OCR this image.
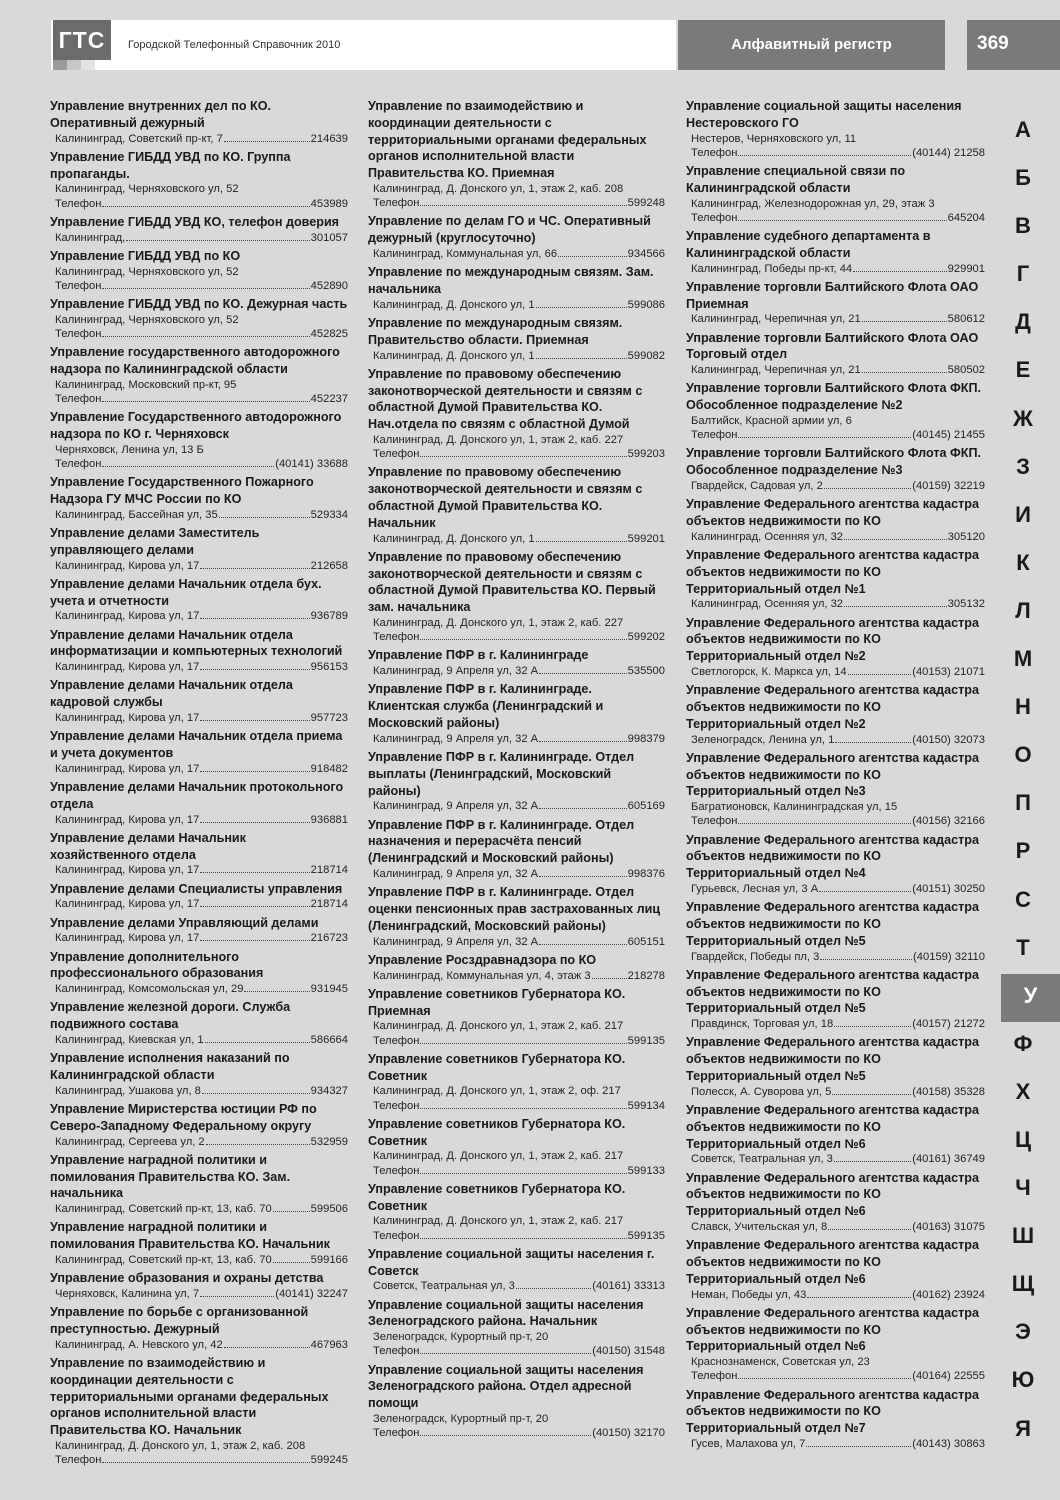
ГТС	Городской Телефонный Справочник 2010	Алфавитный регистр	369
Управление внутренних дел по КО. Оперативный дежурный
Калининград, Советский пр-кт, 7	214639
Управление ГИБДД УВД по КО. Группа пропаганды.
Калининград, Черняховского ул, 52
Телефон	453989
Управление ГИБДД УВД КО, телефон доверия
Калининград,	301057
Управление ГИБДД УВД по КО
Калининград, Черняховского ул, 52
Телефон	452890
Управление ГИБДД УВД по КО. Дежурная часть
Калининград, Черняховского ул, 52
Телефон	452825
Управление государственного автодорожного надзора по Калининградской области
Калининград, Московский пр-кт, 95
Телефон	452237
Управление Государственного автодорожного надзора по КО г. Черняховск
Черняховск, Ленина ул, 13 Б
Телефон	(40141) 33688
Управление Государственного Пожарного Надзора ГУ МЧС России по КО
Калининград, Бассейная ул, 35	529334
Управление делами Заместитель управляющего делами
Калининград, Кирова ул, 17	212658
Управление делами Начальник отдела бух. учета и отчетности
Калининград, Кирова ул, 17	936789
Управление делами Начальник отдела информатизации и компьютерных технологий
Калининград, Кирова ул, 17	956153
Управление делами Начальник отдела кадровой службы
Калининград, Кирова ул, 17	957723
Управление делами Начальник отдела приема и учета документов
Калининград, Кирова ул, 17	918482
Управление делами Начальник протокольного отдела
Калининград, Кирова ул, 17	936881
Управление делами Начальник хозяйственного отдела
Калининград, Кирова ул, 17	218714
Управление делами Специалисты управления
Калининград, Кирова ул, 17	218714
Управление делами Управляющий делами
Калининград, Кирова ул, 17	216723
Управление дополнительного профессионального образования
Калининград, Комсомольская ул, 29	931945
Управление железной дороги. Служба подвижного состава
Калининград, Киевская ул, 1	586664
Управление исполнения наказаний по Калининградской области
Калининград, Ушакова ул, 8	934327
Управление Миристерства юстиции РФ по Северо-Западному Федеральному округу
Калининград, Сергеева ул, 2	532959
Управление наградной политики и помилования Правительства КО. Зам. начальника
Калининград, Советский пр-кт, 13, каб. 70	599506
Управление наградной политики и помилования Правительства КО. Начальник
Калининград, Советский пр-кт, 13, каб. 70	599166
Управление образования и охраны детства
Черняховск, Калинина ул, 7	(40141) 32247
Управление по борьбе с организованной преступностью. Дежурный
Калининград, А. Невского ул, 42	467963
Управление по взаимодействию и координации деятельности с территориальными органами федеральных органов исполнительной власти Правительства КО. Начальник
Калининград, Д. Донского ул, 1, этаж 2, каб. 208
Телефон	599245
Управление по взаимодействию и координации деятельности с территориальными органами федеральных органов исполнительной власти Правительства КО. Приемная
Калининград, Д. Донского ул, 1, этаж 2, каб. 208
Телефон	599248
Управление по делам ГО и ЧС. Оперативный дежурный (круглосуточно)
Калининград, Коммунальная ул, 66	934566
Управление по международным связям. Зам. начальника
Калининград, Д. Донского ул, 1	599086
Управление по международным связям. Правительство области. Приемная
Калининград, Д. Донского ул, 1	599082
Управление по правовому обеспечению законотворческой деятельности и связям с областной Думой Правительства КО. Нач.отдела по связям с областной Думой
Калининград, Д. Донского ул, 1, этаж 2, каб. 227
Телефон	599203
Управление по правовому обеспечению законотворческой деятельности и связям с областной Думой Правительства КО. Начальник
Калининград, Д. Донского ул, 1	599201
Управление по правовому обеспечению законотворческой деятельности и связям с областной Думой Правительства КО. Первый зам. начальника
Калининград, Д. Донского ул, 1, этаж 2, каб. 227
Телефон	599202
Управление ПФР в г. Калининграде
Калининград, 9 Апреля ул, 32 А	535500
Управление ПФР в г. Калининграде. Клиентская служба (Ленинградский и Московский районы)
Калининград, 9 Апреля ул, 32 А	998379
Управление ПФР в г. Калининграде. Отдел выплаты (Ленинградский, Московский районы)
Калининград, 9 Апреля ул, 32 А	605169
Управление ПФР в г. Калининграде. Отдел назначения и перерасчёта пенсий (Ленинградский и Московский районы)
Калининград, 9 Апреля ул, 32 А	998376
Управление ПФР в г. Калининграде. Отдел оценки пенсионных прав застрахованных лиц (Ленинградский, Московский районы)
Калининград, 9 Апреля ул, 32 А	605151
Управление Росздравнадзора по КО
Калининград, Коммунальная ул, 4, этаж 3	218278
Управление советников Губернатора КО. Приемная
Калининград, Д. Донского ул, 1, этаж 2, каб. 217
Телефон	599135
Управление советников Губернатора КО. Советник
Калининград, Д. Донского ул, 1, этаж 2, оф. 217
Телефон	599134
Управление советников Губернатора КО. Советник
Калининград, Д. Донского ул, 1, этаж 2, каб. 217
Телефон	599133
Управление советников Губернатора КО. Советник
Калининград, Д. Донского ул, 1, этаж 2, каб. 217
Телефон	599135
Управление социальной защиты населения г. Советск
Советск, Театральная ул, 3	(40161) 33313
Управление социальной защиты населения Зеленоградского района. Начальник
Зеленоградск, Курортный пр-т, 20
Телефон	(40150) 31548
Управление социальной защиты населения Зеленоградского района. Отдел адресной помощи
Зеленоградск, Курортный пр-т, 20
Телефон	(40150) 32170
Управление социальной защиты населения Нестеровского ГО
Нестеров, Черняховского ул, 11
Телефон	(40144) 21258
Управление специальной связи по Калининградской области
Калининград, Железнодорожная ул, 29, этаж 3
Телефон	645204
Управление судебного департамента в Калининградской области
Калининград, Победы пр-кт, 44	929901
Управление торговли Балтийского Флота ОАО Приемная
Калининград, Черепичная ул, 21	580612
Управление торговли Балтийского Флота ОАО Торговый отдел
Калининград, Черепичная ул, 21	580502
Управление торговли Балтийского Флота ФКП. Обособленное подразделение №2
Балтийск, Красной армии ул, 6
Телефон	(40145) 21455
Управление торговли Балтийского Флота ФКП. Обособленное подразделение №3
Гвардейск, Садовая ул, 2	(40159) 32219
Управление Федерального агентства кадастра объектов недвижимости по КО
Калининград, Осенняя ул, 32	305120
Управление Федерального агентства кадастра объектов недвижимости по КО Территориальный отдел №1
Калининград, Осенняя ул, 32	305132
Управление Федерального агентства кадастра объектов недвижимости по КО Территориальный отдел №2
Светлогорск, К. Маркса ул, 14	(40153) 21071
Управление Федерального агентства кадастра объектов недвижимости по КО Территориальный отдел №2
Зеленоградск, Ленина ул, 1	(40150) 32073
Управление Федерального агентства кадастра объектов недвижимости по КО Территориальный отдел №3
Багратионовск, Калининградская ул, 15
Телефон	(40156) 32166
Управление Федерального агентства кадастра объектов недвижимости по КО Территориальный отдел №4
Гурьевск, Лесная ул, 3 А	(40151) 30250
Управление Федерального агентства кадастра объектов недвижимости по КО Территориальный отдел №5
Гвардейск, Победы пл, 3	(40159) 32110
Управление Федерального агентства кадастра объектов недвижимости по КО Территориальный отдел №5
Правдинск, Торговая ул, 18	(40157) 21272
Управление Федерального агентства кадастра объектов недвижимости по КО Территориальный отдел №5
Полесск, А. Суворова ул, 5	(40158) 35328
Управление Федерального агентства кадастра объектов недвижимости по КО Территориальный отдел №6
Советск, Театральная ул, 3	(40161) 36749
Управление Федерального агентства кадастра объектов недвижимости по КО Территориальный отдел №6
Славск, Учительская ул, 8	(40163) 31075
Управление Федерального агентства кадастра объектов недвижимости по КО Территориальный отдел №6
Неман, Победы ул, 43	(40162) 23924
Управление Федерального агентства кадастра объектов недвижимости по КО Территориальный отдел №6
Краснознаменск, Советская ул, 23
Телефон	(40164) 22555
Управление Федерального агентства кадастра объектов недвижимости по КО Территориальный отдел №7
Гусев, Малахова ул, 7	(40143) 30863
А
Б
В
Г
Д
Е
Ж
З
И
К
Л
М
Н
О
П
Р
С
Т
У
Ф
Х
Ц
Ч
Ш
Щ
Э
Ю
Я
